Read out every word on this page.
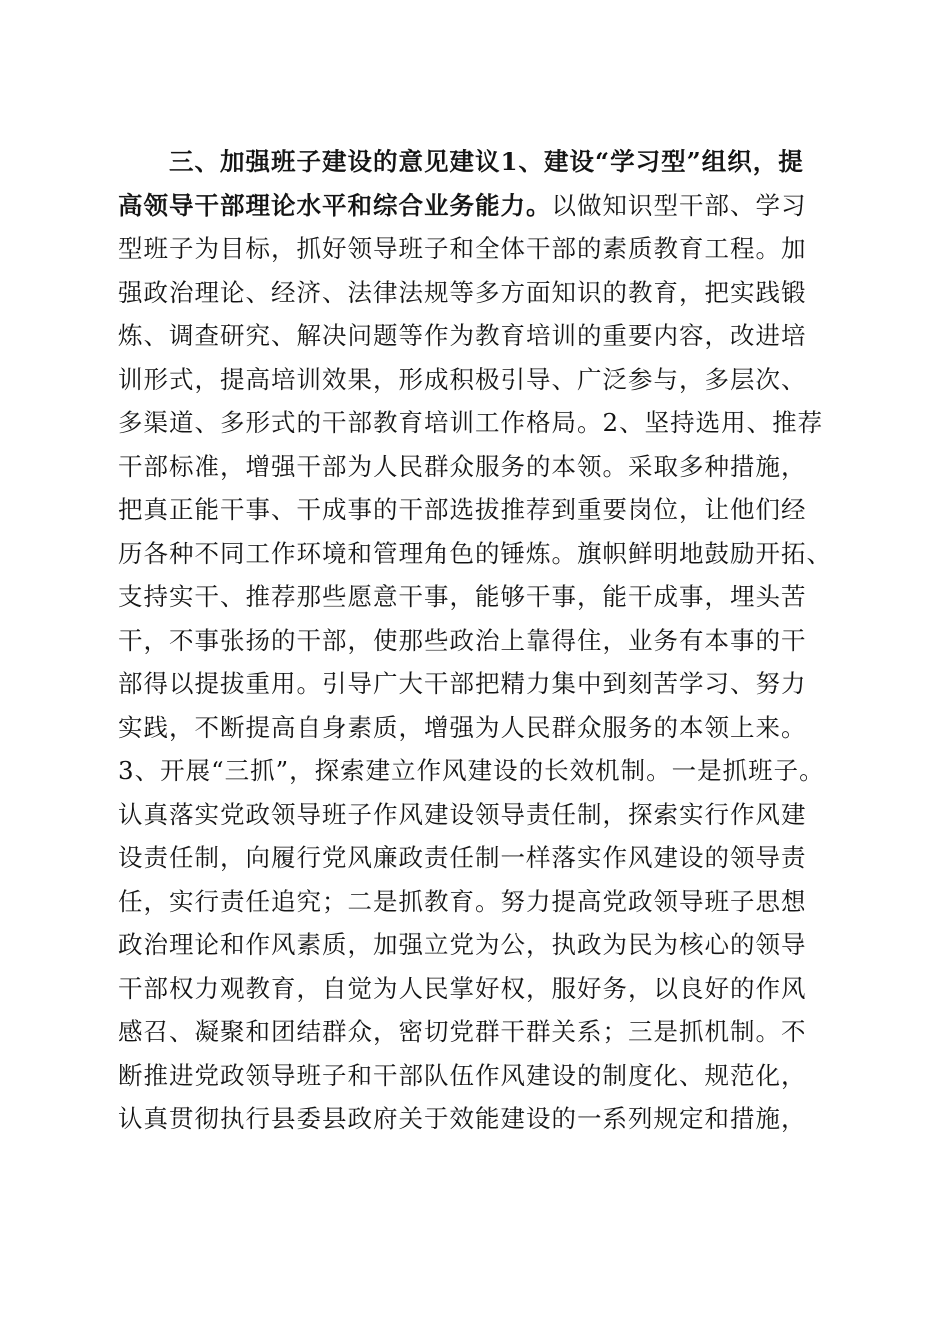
　　三、加强班子建设的意见建议1、建设“学习型”组织，提
高领导干部理论水平和综合业务能力。以做知识型干部、学习
型班子为目标，抓好领导班子和全体干部的素质教育工程。加
强政治理论、经济、法律法规等多方面知识的教育，把实践锻
炼、调查研究、解决问题等作为教育培训的重要内容，改进培
训形式，提高培训效果，形成积极引导、广泛参与，多层次、
多渠道、多形式的干部教育培训工作格局。2、坚持选用、推荐
干部标准，增强干部为人民群众服务的本领。采取多种措施，
把真正能干事、干成事的干部选拔推荐到重要岗位，让他们经
历各种不同工作环境和管理角色的锤炼。旗帜鲜明地鼓励开拓、
支持实干、推荐那些愿意干事，能够干事，能干成事，埋头苦
干，不事张扬的干部，使那些政治上靠得住，业务有本事的干
部得以提拔重用。引导广大干部把精力集中到刻苦学习、努力
实践，不断提高自身素质，增强为人民群众服务的本领上来。
3、开展“三抓”，探索建立作风建设的长效机制。一是抓班子。
认真落实党政领导班子作风建设领导责任制，探索实行作风建
设责任制，向履行党风廉政责任制一样落实作风建设的领导责
任，实行责任追究；二是抓教育。努力提高党政领导班子思想
政治理论和作风素质，加强立党为公，执政为民为核心的领导
干部权力观教育，自觉为人民掌好权，服好务，以良好的作风
感召、凝聚和团结群众，密切党群干群关系；三是抓机制。不
断推进党政领导班子和干部队伍作风建设的制度化、规范化，
认真贯彻执行县委县政府关于效能建设的一系列规定和措施，
